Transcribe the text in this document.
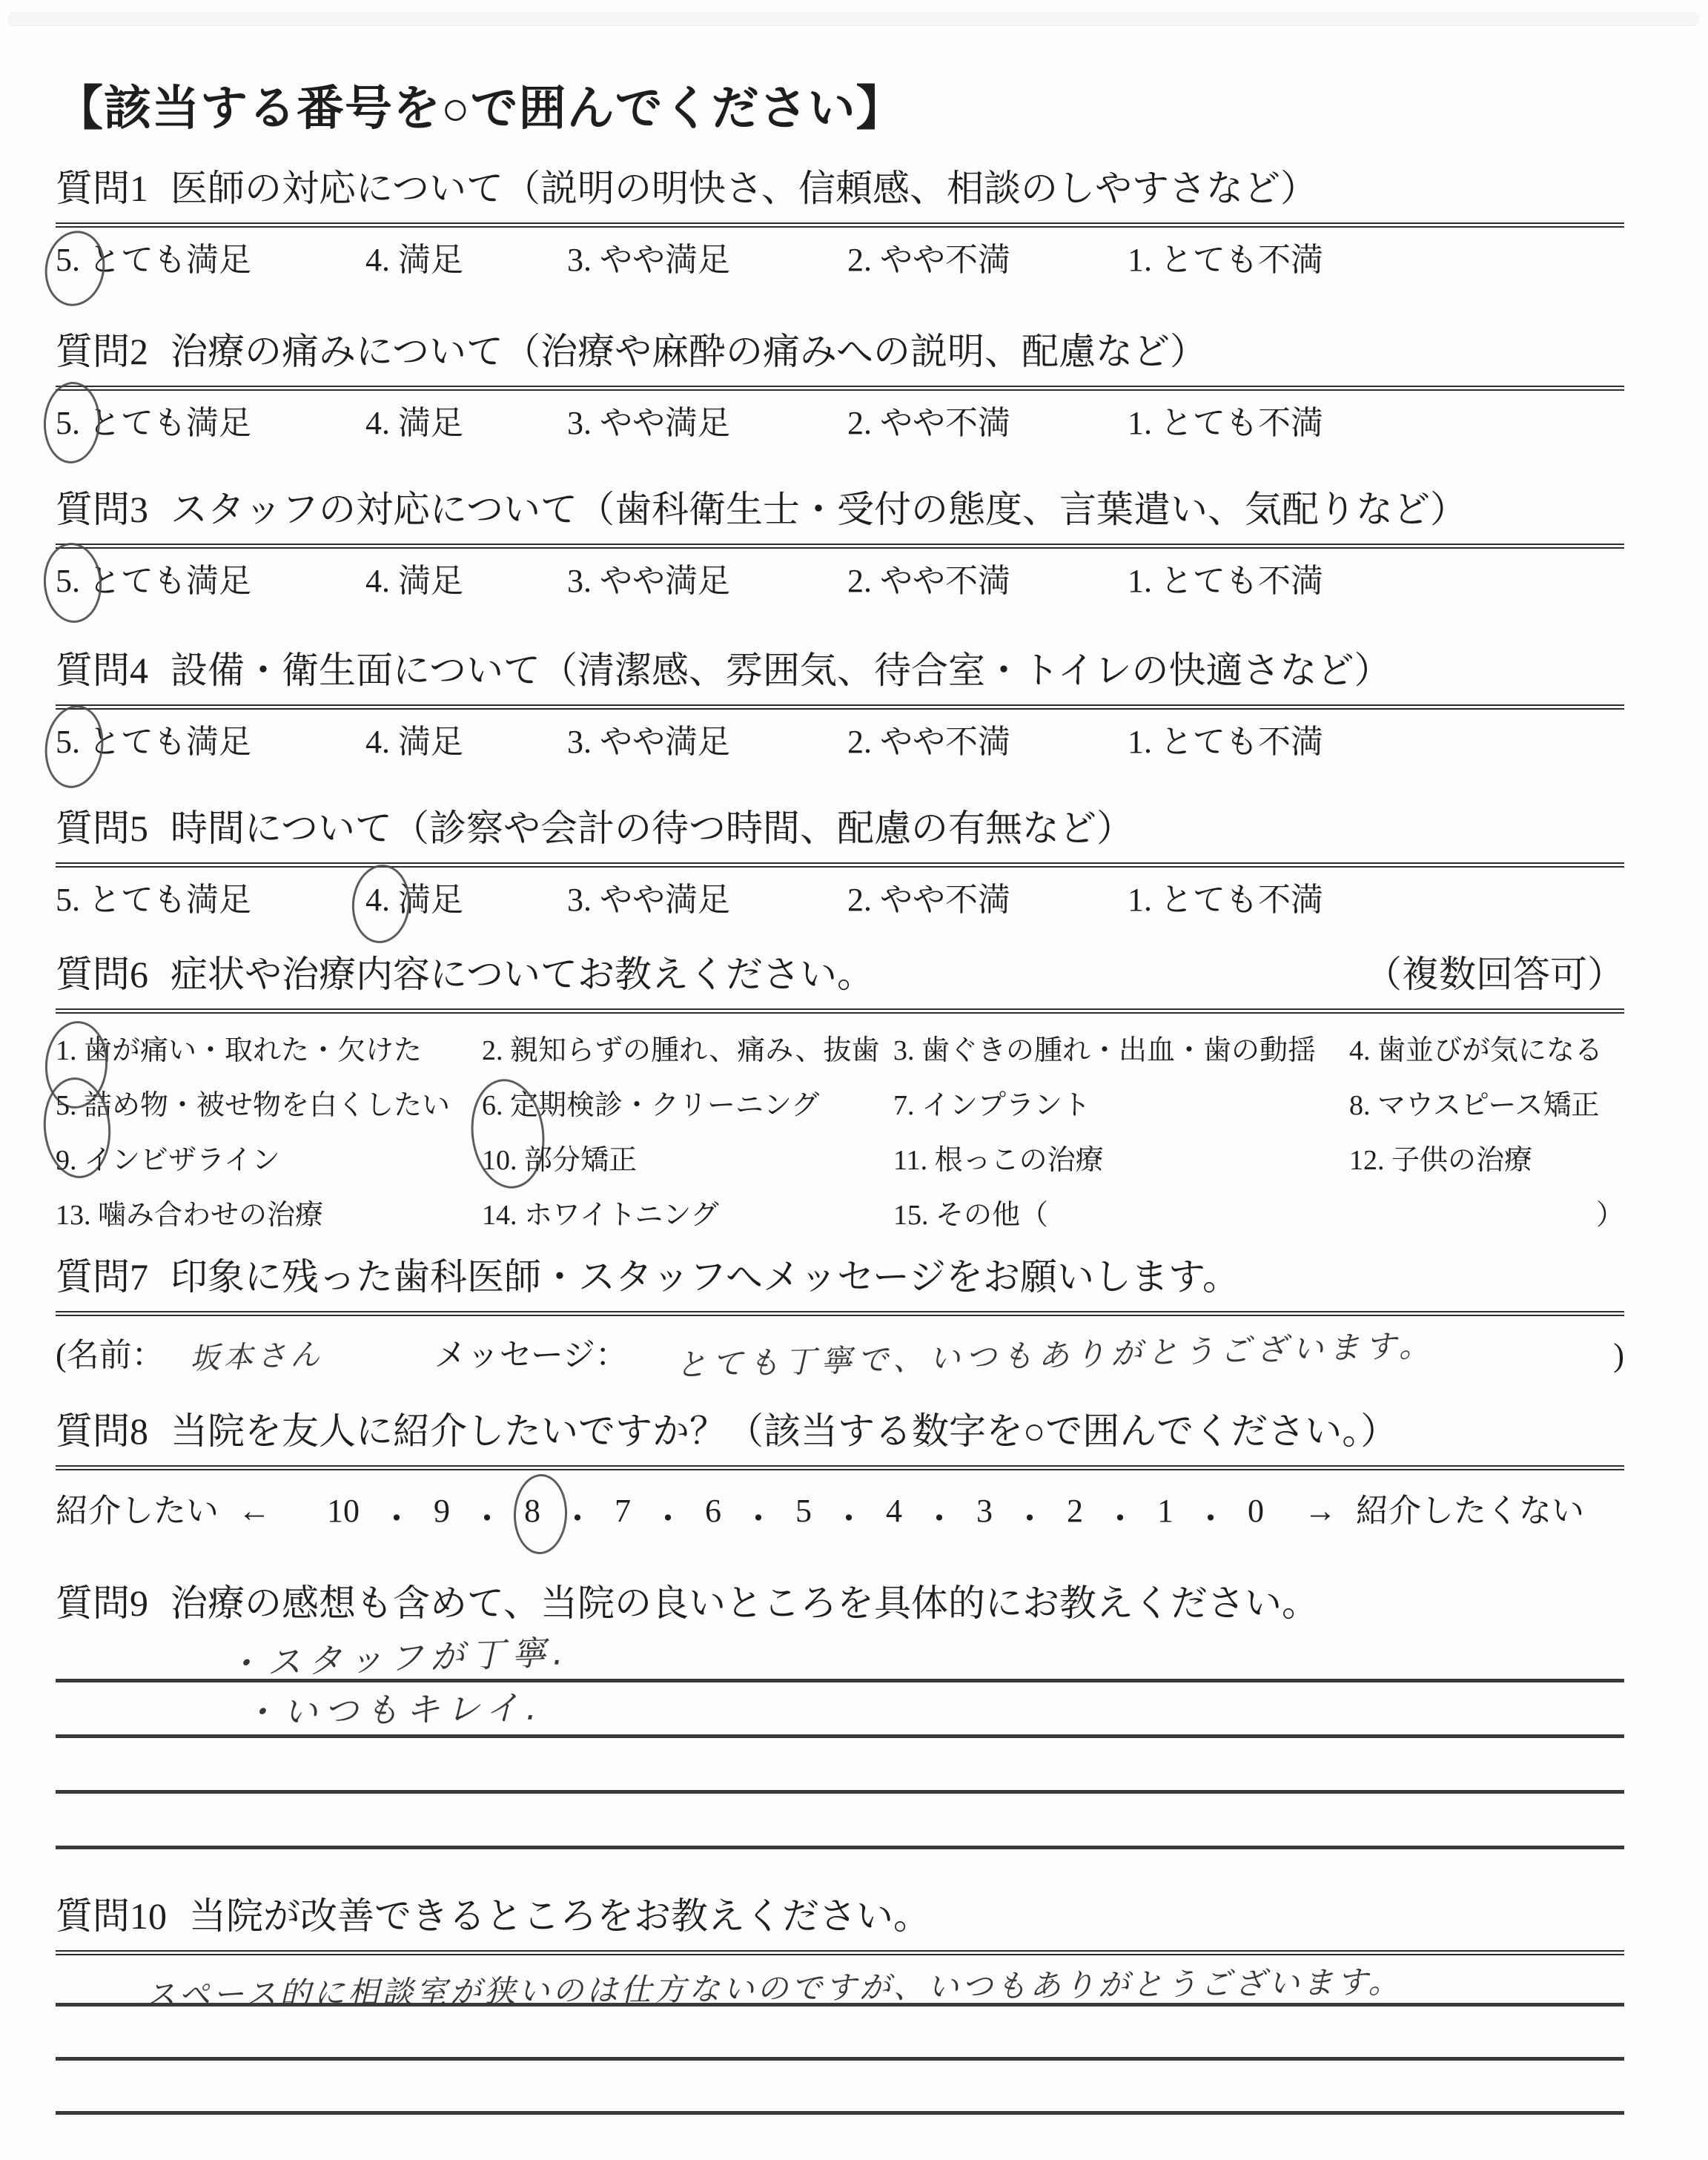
【該当する番号を○で囲んでください】
質問1 医師の対応について（説明の明快さ、信頼感、相談のしやすさなど）
5. とても満足	4. 満足	3. やや満足	2. やや不満	1. とても不満
質問2 治療の痛みについて（治療や麻酔の痛みへの説明、配慮など）
5. とても満足	4. 満足	3. やや満足	2. やや不満	1. とても不満
質問3 スタッフの対応について（歯科衛生士・受付の態度、言葉遣い、気配りなど）
5. とても満足	4. 満足	3. やや満足	2. やや不満	1. とても不満
質問4 設備・衛生面について（清潔感、雰囲気、待合室・トイレの快適さなど）
5. とても満足	4. 満足	3. やや満足	2. やや不満	1. とても不満
質問5 時間について（診察や会計の待つ時間、配慮の有無など）
5. とても満足	4. 満足	3. やや満足	2. やや不満	1. とても不満
質問6 症状や治療内容についてお教えください。	（複数回答可）
1. 歯が痛い・取れた・欠けた	2. 親知らずの腫れ、痛み、抜歯 3. 歯ぐきの腫れ・出血・歯の動揺	4. 歯並びが気になる
5. 詰め物・被せ物を白くしたい	6. 定期検診・クリーニング	7. インプラント	8. マウスピース矯正
9. インビザライン	10. 部分矯正	11. 根っこの治療	12. 子供の治療
13. 噛み合わせの治療	14. ホワイトニング	15. その他（	）
質問7 印象に残った歯科医師・スタッフへメッセージをお願いします。
(名前： 坂本さん	メッセージ： とても丁寧で、いつもありがとうございます。	)
質問8 当院を友人に紹介したいですか？（該当する数字を○で囲んでください。）
紹介したい ← 10 ・ 9 ・ 8 ・ 7 ・ 6 ・ 5 ・ 4 ・ 3 ・ 2 ・ 1 ・ 0 → 紹介したくない
質問9 治療の感想も含めて、当院の良いところを具体的にお教えください。
・スタッフが丁寧.
・いつもキレイ.
質問10 当院が改善できるところをお教えください。
スペース的に相談室が狭いのは仕方ないのですが、いつもありがとうございます。
